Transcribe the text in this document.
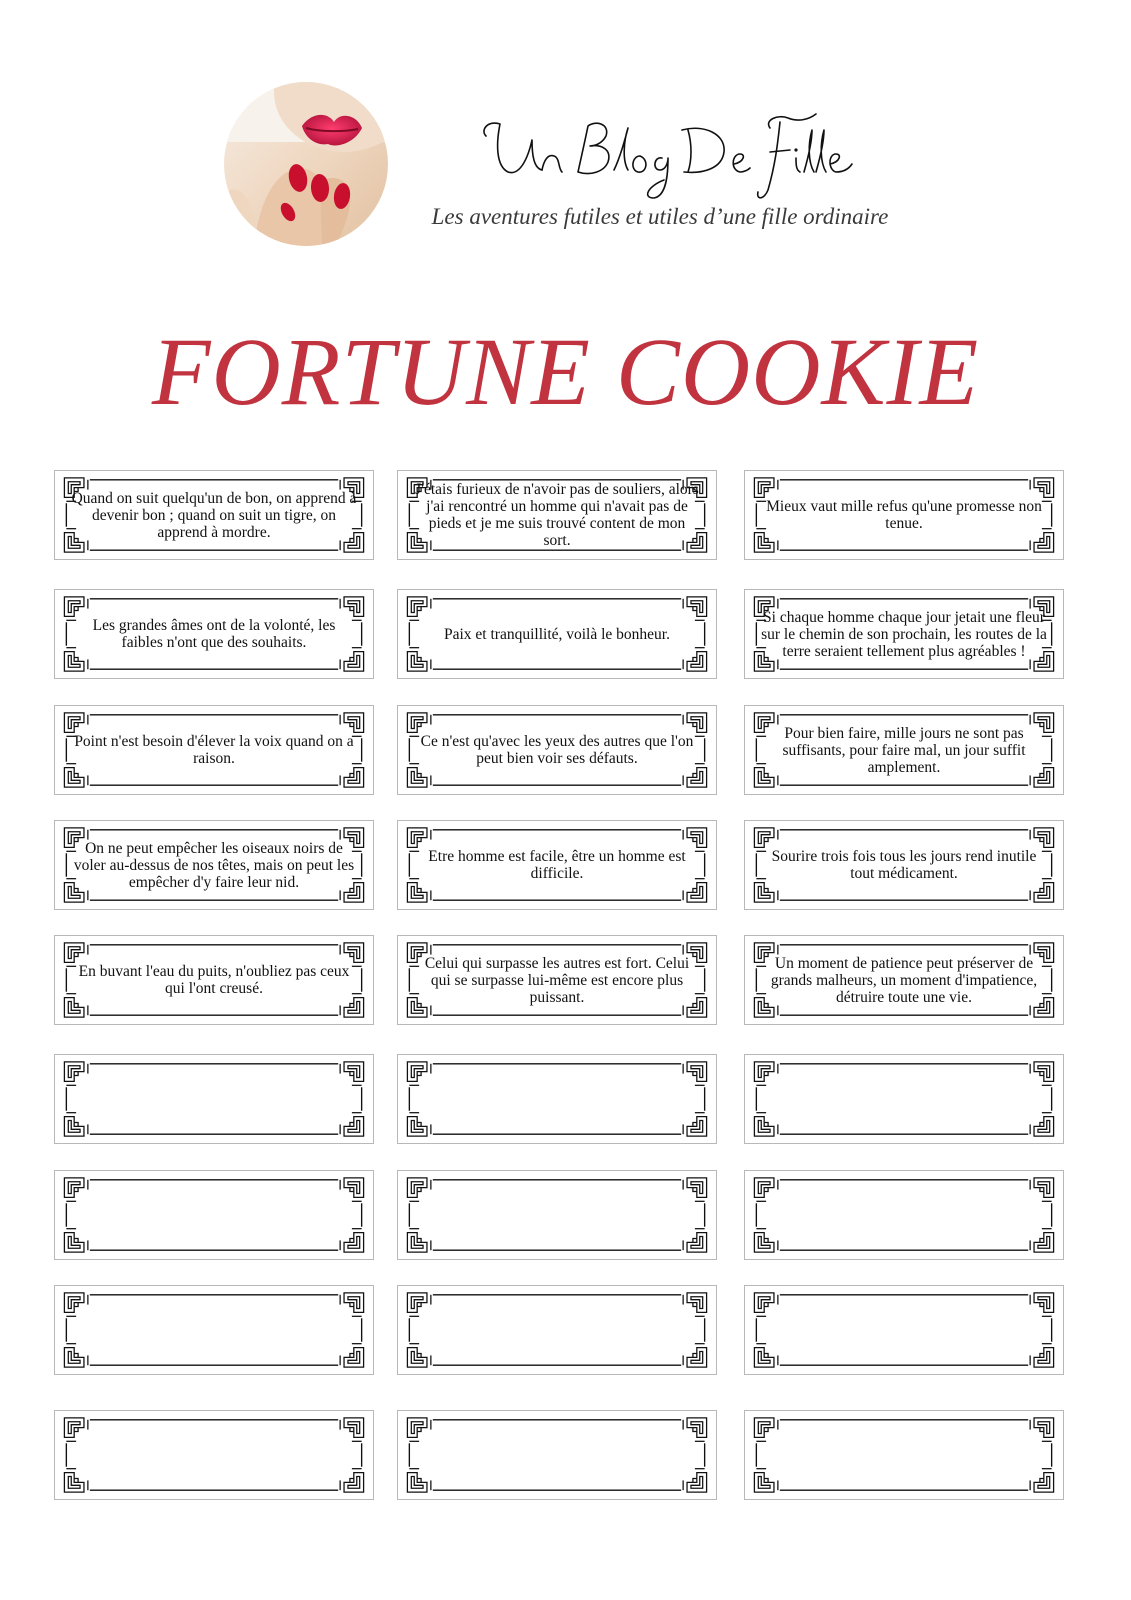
Les aventures futiles et utiles d’une fille ordinaire
FORTUNE COOKIE
Quand on suit quelqu'un de bon, on apprend à devenir bon ; quand on suit un tigre, on apprend à mordre.
J'étais furieux de n'avoir pas de souliers, alors j'ai rencontré un homme qui n'avait pas de pieds et je me suis trouvé content de mon sort.
Mieux vaut mille refus qu'une promesse non tenue.
Les grandes âmes ont de la volonté, les faibles n'ont que des souhaits.	Paix et tranquillité, voilà le bonheur.
Si chaque homme chaque jour jetait une fleur sur le chemin de son prochain, les routes de la terre seraient tellement plus agréables !
Point n'est besoin d'élever la voix quand on a raison.
Ce n'est qu'avec les yeux des autres que l'on peut bien voir ses défauts.
Pour bien faire, mille jours ne sont pas suffisants, pour faire mal, un jour suffit amplement.
On ne peut empêcher les oiseaux noirs de voler au-dessus de nos têtes, mais on peut les empêcher d'y faire leur nid.
Etre homme est facile, être un homme est difficile.
Sourire trois fois tous les jours rend inutile tout médicament.
En buvant l'eau du puits, n'oubliez pas ceux qui l'ont creusé.
Celui qui surpasse les autres est fort. Celui qui se surpasse lui-même est encore plus puissant.
Un moment de patience peut préserver de grands malheurs, un moment d'impatience, détruire toute une vie.
